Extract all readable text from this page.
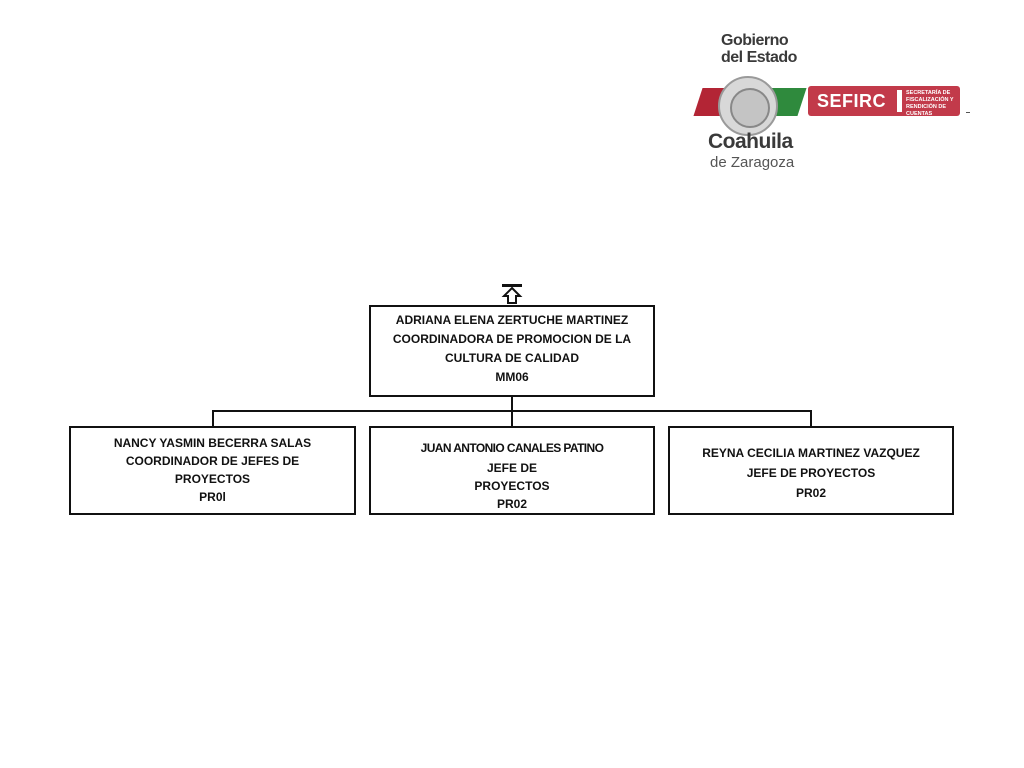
Gobierno
del Estado
Coahuila
de Zaragoza
SEFIRC	SECRETARÍA DE FISCALIZACIÓN Y RENDICIÓN DE CUENTAS
ADRIANA ELENA ZERTUCHE MARTINEZ
COORDINADORA DE PROMOCION DE LA
CULTURA DE CALIDAD
MM06
NANCY YASMIN BECERRA SALAS
COORDINADOR DE JEFES DE
PROYECTOS
PR0l
JUAN ANTONIO CANALES PATINO
JEFE DE
PROYECTOS
PR02
REYNA CECILIA MARTINEZ VAZQUEZ
JEFE DE PROYECTOS
PR02
